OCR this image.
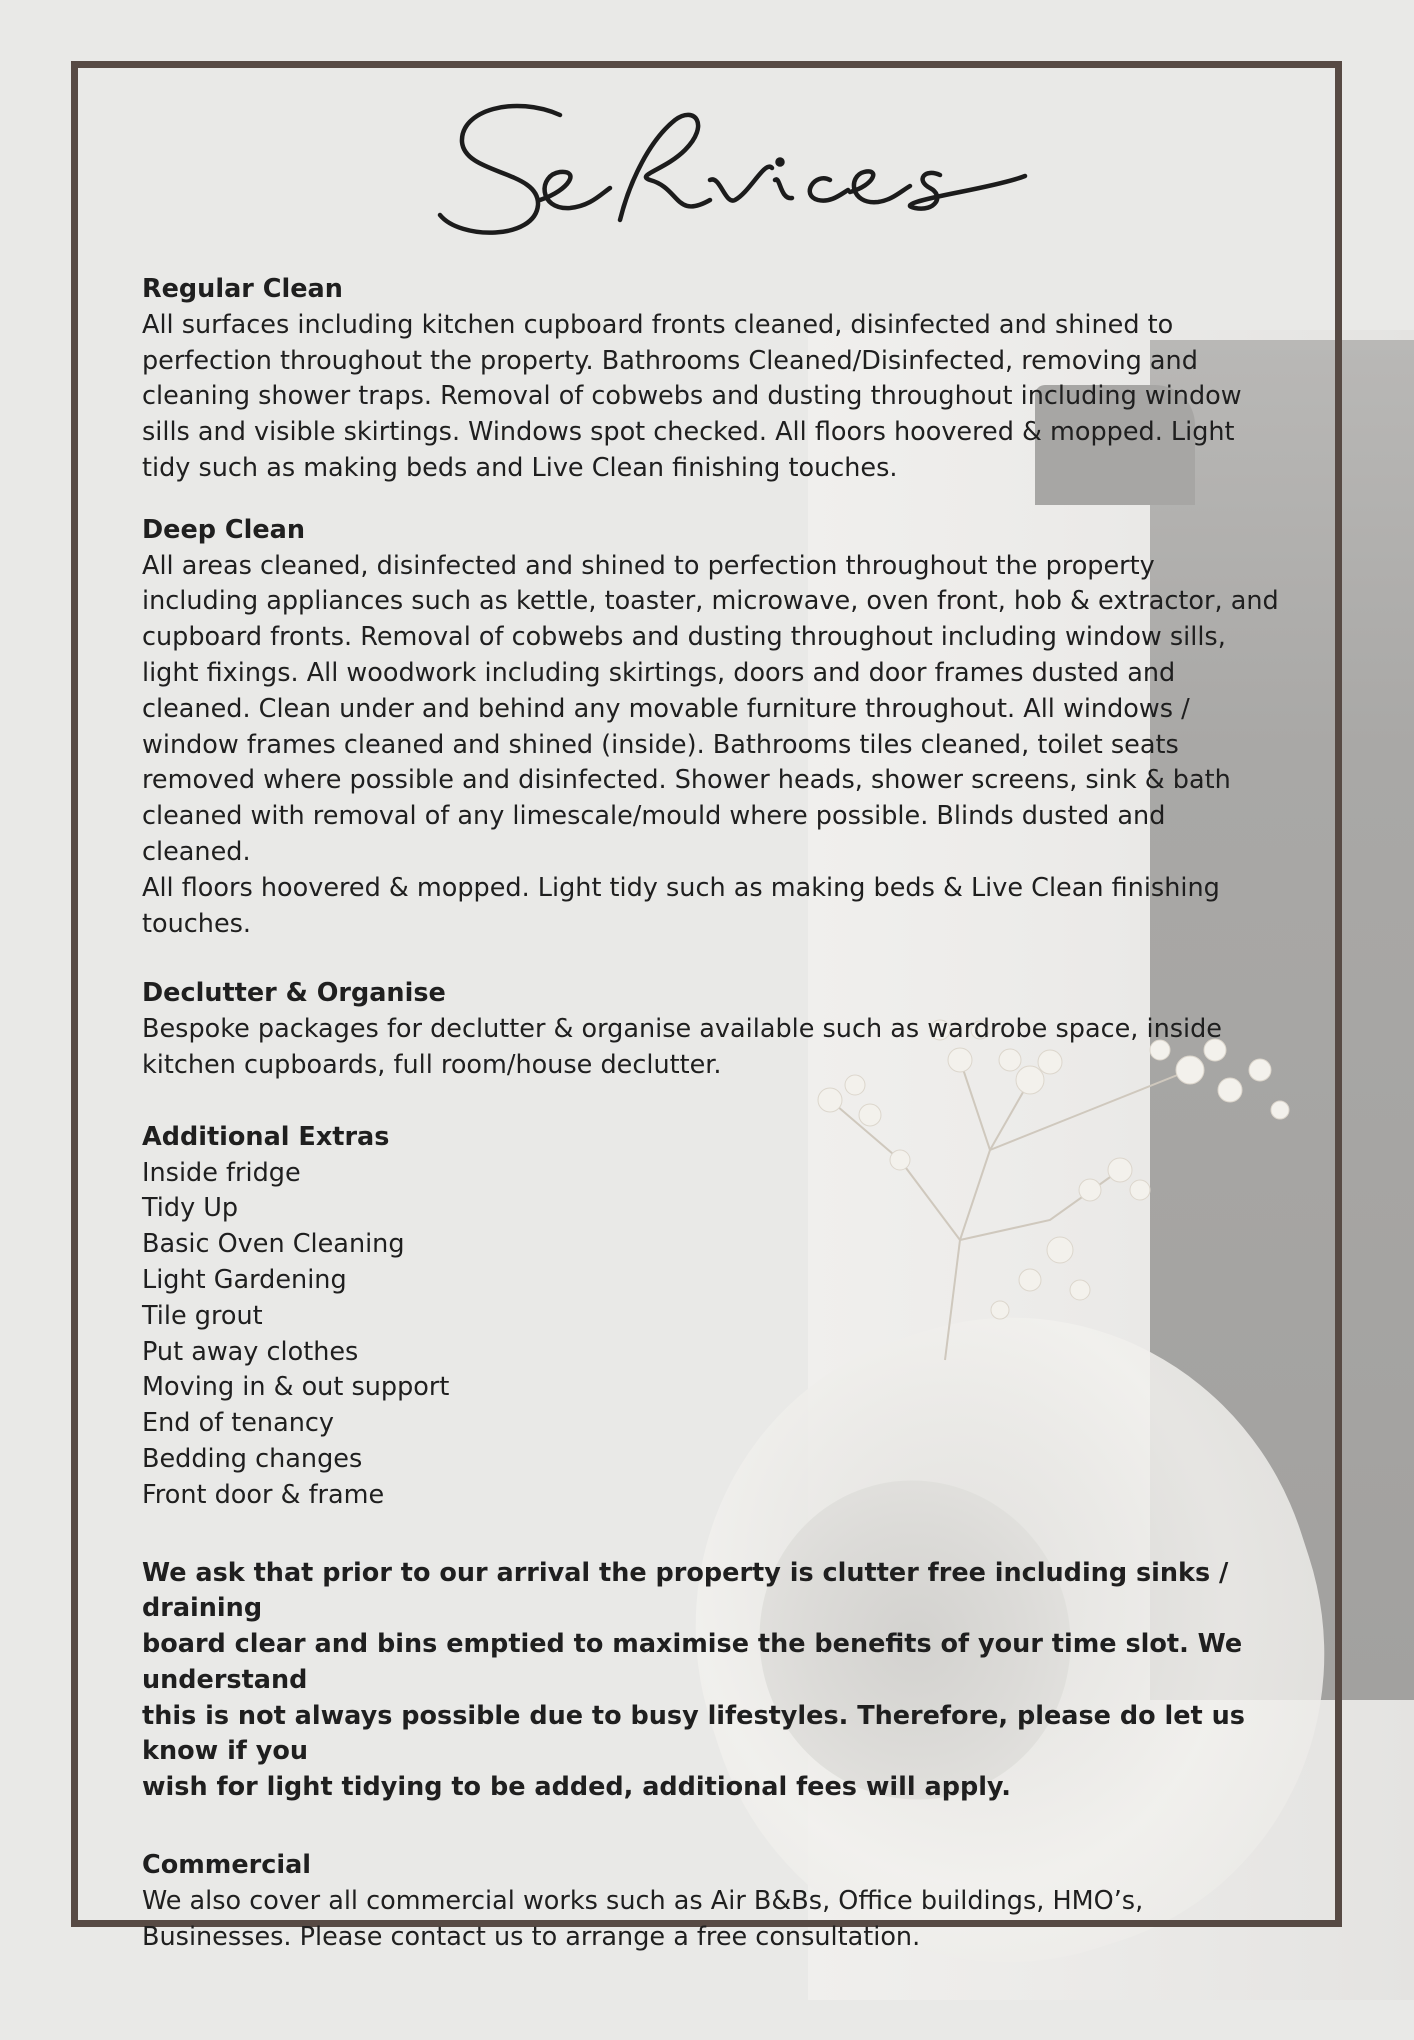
Regular Clean

All surfaces including kitchen cupboard fronts cleaned, disinfected and shined to

perfection throughout the property. Bathrooms Cleaned/Disinfected, removing and

cleaning shower traps. Removal of cobwebs and dusting throughout including window

sills and visible skirtings. Windows spot checked. All floors hoovered & mopped. Light

tidy such as making beds and Live Clean finishing touches.

Deep Clean

All areas cleaned, disinfected and shined to perfection throughout the property

including appliances such as kettle, toaster, microwave, oven front, hob & extractor, and

cupboard fronts. Removal of cobwebs and dusting throughout including window sills,

light fixings. All woodwork including skirtings, doors and door frames dusted and

cleaned. Clean under and behind any movable furniture throughout. All windows /

window frames cleaned and shined (inside). Bathrooms tiles cleaned, toilet seats

removed where possible and disinfected. Shower heads, shower screens, sink & bath

cleaned with removal of any limescale/mould where possible. Blinds dusted and cleaned.

All floors hoovered & mopped. Light tidy such as making beds & Live Clean finishing

touches.

Declutter & Organise

Bespoke packages for declutter & organise available such as wardrobe space, inside

kitchen cupboards, full room/house declutter.

Additional Extras

Inside fridge
Tidy Up
Basic Oven Cleaning
Light Gardening
Tile grout
Put away clothes
Moving in & out support
End of tenancy
Bedding changes
Front door & frame

We ask that prior to our arrival the property is clutter free including sinks / draining

board clear and bins emptied to maximise the benefits of your time slot. We understand

this is not always possible due to busy lifestyles. Therefore, please do let us know if you

wish for light tidying to be added, additional fees will apply.

Commercial

We also cover all commercial works such as Air B&Bs, Office buildings, HMO’s,

Businesses. Please contact us to arrange a free consultation.
